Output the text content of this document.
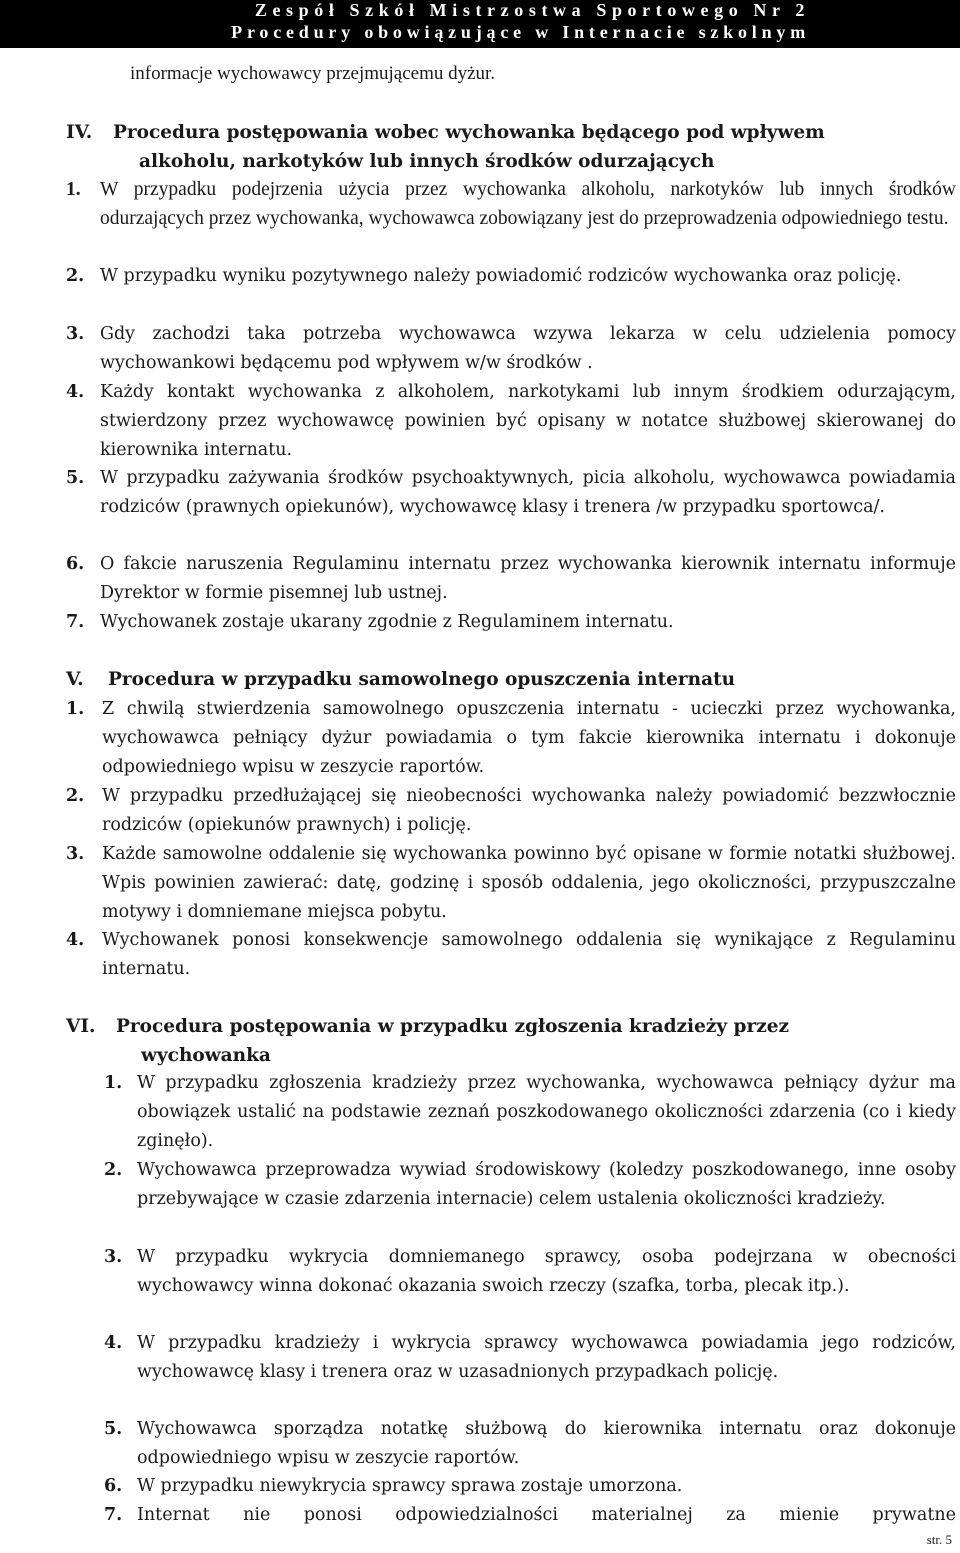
Zespół Szkół Mistrzostwa Sportowego Nr 2
Procedury obowiązujące w Internacie szkolnym
informacje wychowawcy przejmującemu dyżur.
IV.	Procedura postępowania wobec wychowanka będącego pod wpływem
alkoholu, narkotyków lub innych środków odurzających
1. W przypadku podejrzenia użycia przez wychowanka alkoholu, narkotyków lub innych środków odurzających przez wychowanka, wychowawca zobowiązany jest do przeprowadzenia odpowiedniego testu.
2. W przypadku wyniku pozytywnego należy powiadomić rodziców wychowanka oraz policję.
3. Gdy zachodzi taka potrzeba wychowawca wzywa lekarza w celu udzielenia pomocy wychowankowi będącemu pod wpływem w/w środków .
4. Każdy kontakt wychowanka z alkoholem, narkotykami lub innym środkiem odurzającym, stwierdzony przez wychowawcę powinien być opisany w notatce służbowej skierowanej do kierownika internatu.
5. W przypadku zażywania środków psychoaktywnych, picia alkoholu, wychowawca powiadamia rodziców (prawnych opiekunów), wychowawcę klasy i trenera /w przypadku sportowca/.
6. O fakcie naruszenia Regulaminu internatu przez wychowanka kierownik internatu informuje Dyrektor w formie pisemnej lub ustnej.
7. Wychowanek zostaje ukarany zgodnie z Regulaminem internatu.
V.	Procedura w przypadku samowolnego opuszczenia internatu
1.	Z chwilą stwierdzenia samowolnego opuszczenia internatu - ucieczki przez wychowanka, wychowawca pełniący dyżur powiadamia o tym fakcie kierownika internatu i dokonuje odpowiedniego wpisu w zeszycie raportów.
2.	W przypadku przedłużającej się nieobecności wychowanka należy powiadomić bezzwłocznie rodziców (opiekunów prawnych) i policję.
3.	Każde samowolne oddalenie się wychowanka powinno być opisane w formie notatki służbowej. Wpis powinien zawierać: datę, godzinę i sposób oddalenia, jego okoliczności, przypuszczalne motywy i domniemane miejsca pobytu.
4.	Wychowanek ponosi konsekwencje samowolnego oddalenia się wynikające z Regulaminu internatu.
VI.	Procedura postępowania w przypadku zgłoszenia kradzieży przez
wychowanka
1. W przypadku zgłoszenia kradzieży przez wychowanka, wychowawca pełniący dyżur ma obowiązek ustalić na podstawie zeznań poszkodowanego okoliczności zdarzenia (co i kiedy zginęło).
2. Wychowawca przeprowadza wywiad środowiskowy (koledzy poszkodowanego, inne osoby przebywające w czasie zdarzenia internacie) celem ustalenia okoliczności kradzieży.
3. W przypadku wykrycia domniemanego sprawcy, osoba podejrzana w obecności wychowawcy winna dokonać okazania swoich rzeczy (szafka, torba, plecak itp.).
4. W przypadku kradzieży i wykrycia sprawcy wychowawca powiadamia jego rodziców, wychowawcę klasy i trenera oraz w uzasadnionych przypadkach policję.
5. Wychowawca sporządza notatkę służbową do kierownika internatu oraz dokonuje odpowiedniego wpisu w zeszycie raportów.
6. W przypadku niewykrycia sprawcy sprawa zostaje umorzona.
7. Internat nie ponosi odpowiedzialności materialnej za mienie prywatne
str. 5
